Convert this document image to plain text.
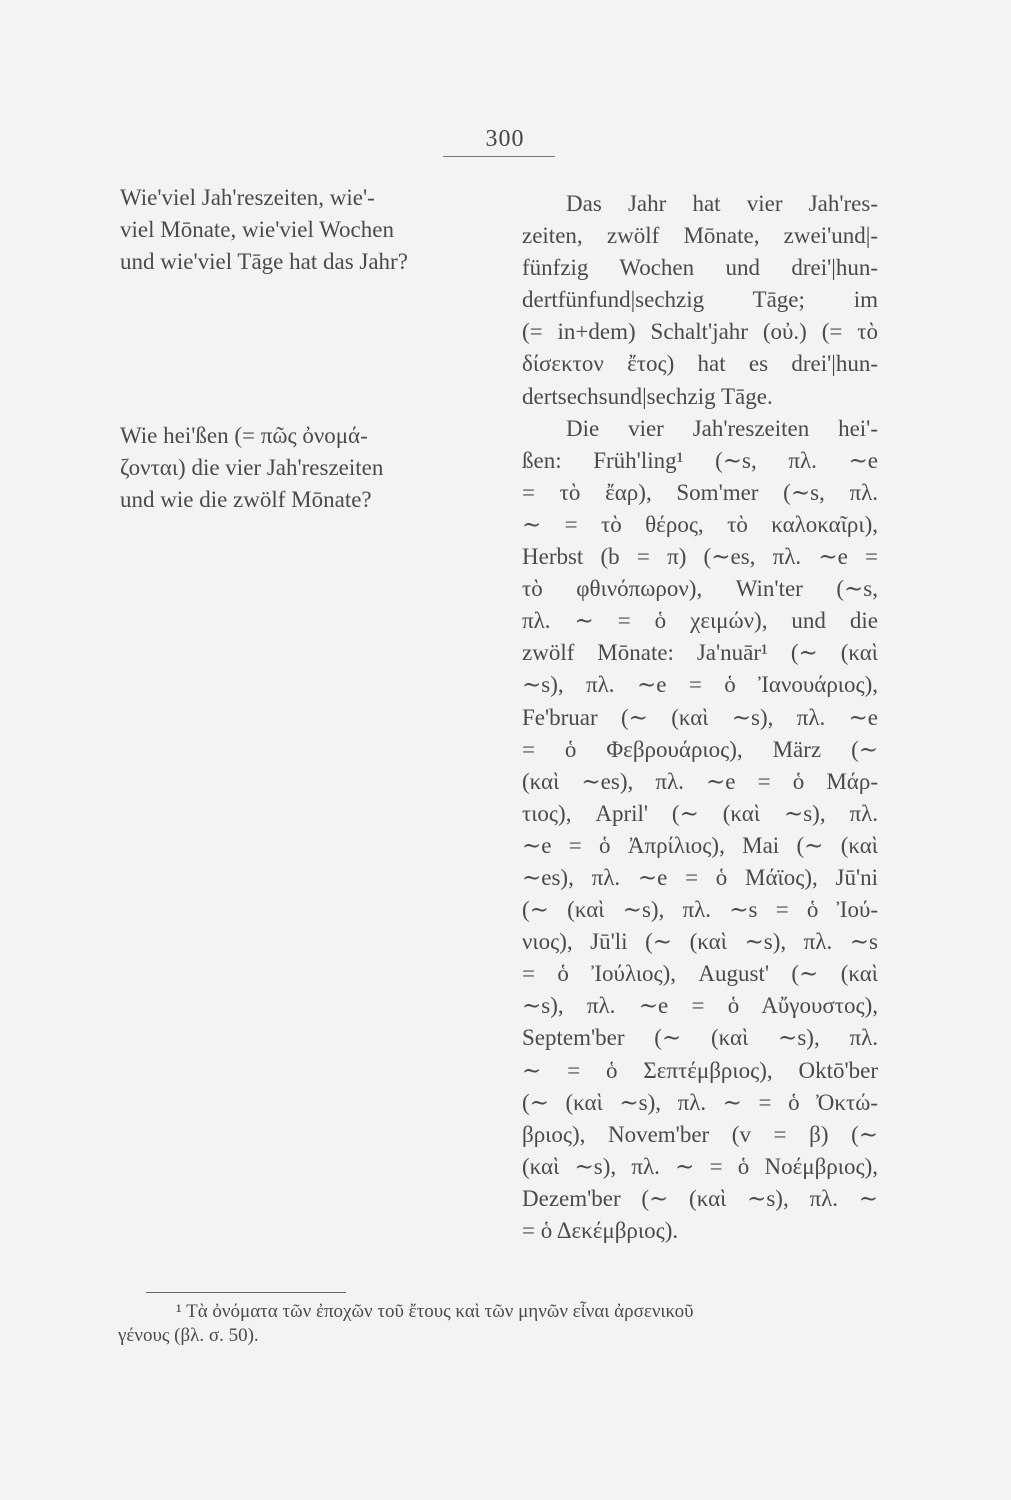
300
Wie'viel Jah'reszeiten, wie'-
viel Mōnate, wie'viel Wochen
und wie'viel Tāge hat das Jahr?
Wie hei'ßen (= πῶς ὀνομά-
ζονται) die vier Jah'reszeiten
und wie die zwölf Mōnate?
Das Jahr hat vier Jah'res-
zeiten, zwölf Mōnate, zwei'und|-
fünfzig Wochen und drei'|hun-
dertfünfund|sechzig Tāge; im
(= in+dem) Schalt'jahr (οὐ.) (= τὸ
δίσεκτον ἔτος) hat es drei'|hun-
dertsechsund|sechzig Tāge.
Die vier Jah'reszeiten hei'-
ßen: Früh'ling¹ (∼s, πλ. ∼e
= τὸ ἔαρ), Som'mer (∼s, πλ.
∼ = τὸ θέρος, τὸ καλοκαῖρι),
Herbst (b = π) (∼es, πλ. ∼e =
τὸ φθινόπωρον), Win'ter (∼s,
πλ. ∼ = ὁ χειμών), und die
zwölf Mōnate: Ja'nuār¹ (∼ (καὶ
∼s), πλ. ∼e = ὁ Ἰανουάριος),
Fe'bruar (∼ (καὶ ∼s), πλ. ∼e
= ὁ Φεβρουάριος), März (∼
(καὶ ∼es), πλ. ∼e = ὁ Μάρ-
τιος), April' (∼ (καὶ ∼s), πλ.
∼e = ὁ Ἀπρίλιος), Mai (∼ (καὶ
∼es), πλ. ∼e = ὁ Μάϊος), Jū'ni
(∼ (καὶ ∼s), πλ. ∼s = ὁ Ἰού-
νιος), Jū'li (∼ (καὶ ∼s), πλ. ∼s
= ὁ Ἰούλιος), August' (∼ (καὶ
∼s), πλ. ∼e = ὁ Αὔγουστος),
Septem'ber (∼ (καὶ ∼s), πλ.
∼ = ὁ Σεπτέμβριος), Oktō'ber
(∼ (καὶ ∼s), πλ. ∼ = ὁ Ὀκτώ-
βριος), Novem'ber (v = β) (∼
(καὶ ∼s), πλ. ∼ = ὁ Νοέμβριος),
Dezem'ber (∼ (καὶ ∼s), πλ. ∼
= ὁ Δεκέμβριος).
¹ Τὰ ὀνόματα τῶν ἐποχῶν τοῦ ἔτους καὶ τῶν μηνῶν εἶναι ἀρσενικοῦ
γένους (βλ. σ. 50).
